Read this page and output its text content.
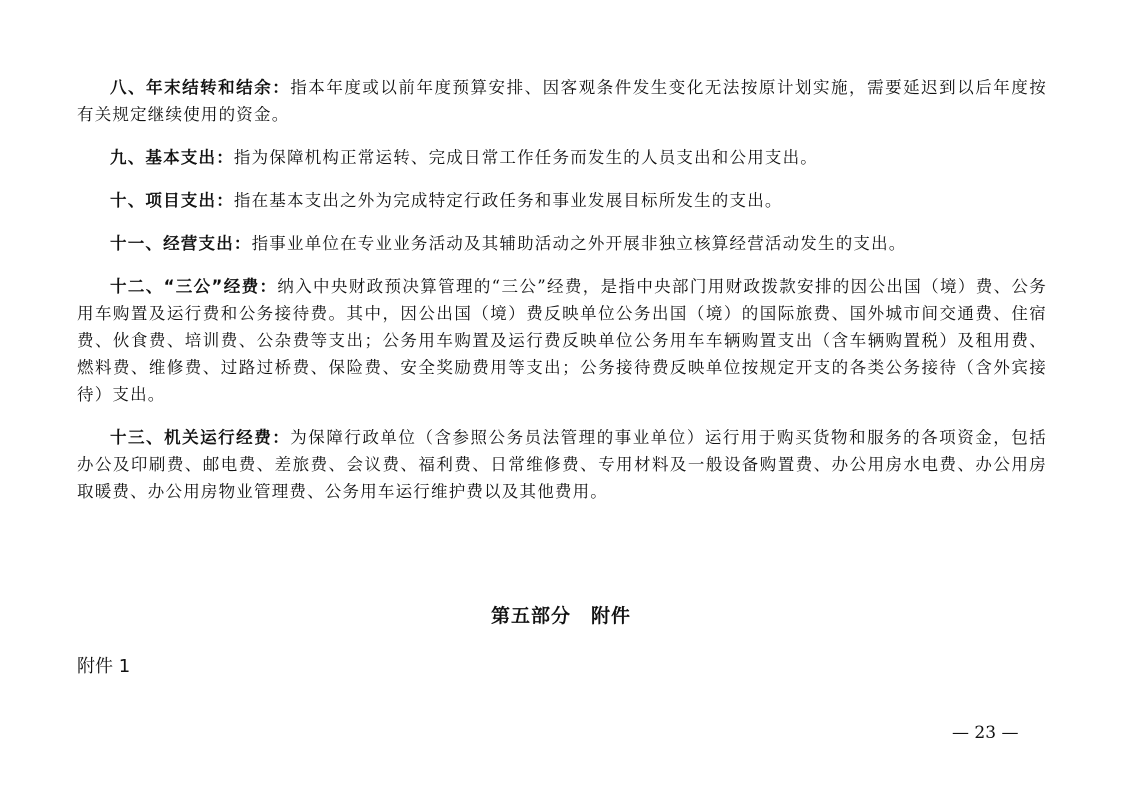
八、年末结转和结余：指本年度或以前年度预算安排、因客观条件发生变化无法按原计划实施，需要延迟到以后年度按有关规定继续使用的资金。

九、基本支出：指为保障机构正常运转、完成日常工作任务而发生的人员支出和公用支出。

十、项目支出：指在基本支出之外为完成特定行政任务和事业发展目标所发生的支出。

十一、经营支出：指事业单位在专业业务活动及其辅助活动之外开展非独立核算经营活动发生的支出。

十二、“三公”经费：纳入中央财政预决算管理的“三公”经费，是指中央部门用财政拨款安排的因公出国（境）费、公务用车购置及运行费和公务接待费。其中，因公出国（境）费反映单位公务出国（境）的国际旅费、国外城市间交通费、住宿费、伙食费、培训费、公杂费等支出；公务用车购置及运行费反映单位公务用车车辆购置支出（含车辆购置税）及租用费、燃料费、维修费、过路过桥费、保险费、安全奖励费用等支出；公务接待费反映单位按规定开支的各类公务接待（含外宾接待）支出。

十三、机关运行经费：为保障行政单位（含参照公务员法管理的事业单位）运行用于购买货物和服务的各项资金，包括办公及印刷费、邮电费、差旅费、会议费、福利费、日常维修费、专用材料及一般设备购置费、办公用房水电费、办公用房取暖费、办公用房物业管理费、公务用车运行维护费以及其他费用。

第五部分　附件
附件 1
— 23 —
